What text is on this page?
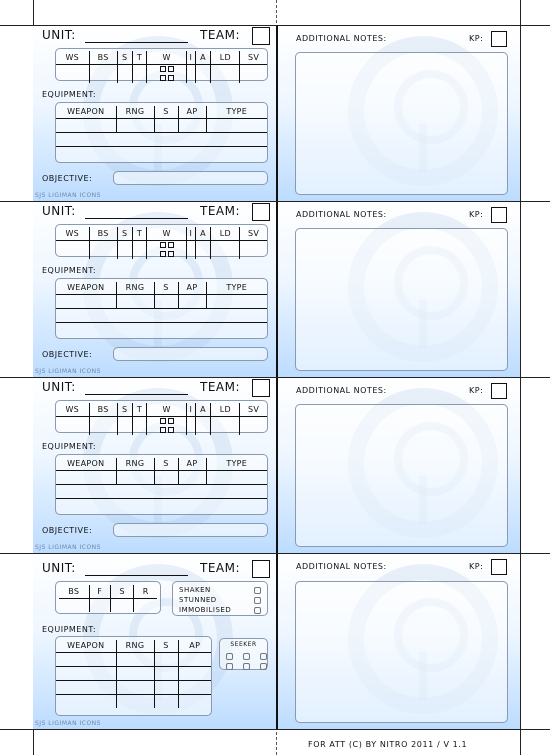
UNIT:	TEAM:
WS	BS	S	T	W	I	A	LD	SV

EQUIPMENT:
WEAPON	RNG	S	AP	TYPE

OBJECTIVE:
SJS LIGIMAN ICONS
ADDITIONAL NOTES:	KP:
UNIT:	TEAM:
WS	BS	S	T	W	I	A	LD	SV

EQUIPMENT:
WEAPON	RNG	S	AP	TYPE

OBJECTIVE:
SJS LIGIMAN ICONS
ADDITIONAL NOTES:	KP:
UNIT:	TEAM:
WS	BS	S	T	W	I	A	LD	SV

EQUIPMENT:
WEAPON	RNG	S	AP	TYPE

OBJECTIVE:
SJS LIGIMAN ICONS
ADDITIONAL NOTES:	KP:
UNIT:	TEAM:
BS	F	S	R
				SHAKEN
STUNNED
IMMOBILISED
EQUIPMENT:
WEAPON	RNG	S	AP

				SEEKER
SJS LIGIMAN ICONS
ADDITIONAL NOTES:	KP:
FOR ATT (C) BY NITRO 2011 / V 1.1
